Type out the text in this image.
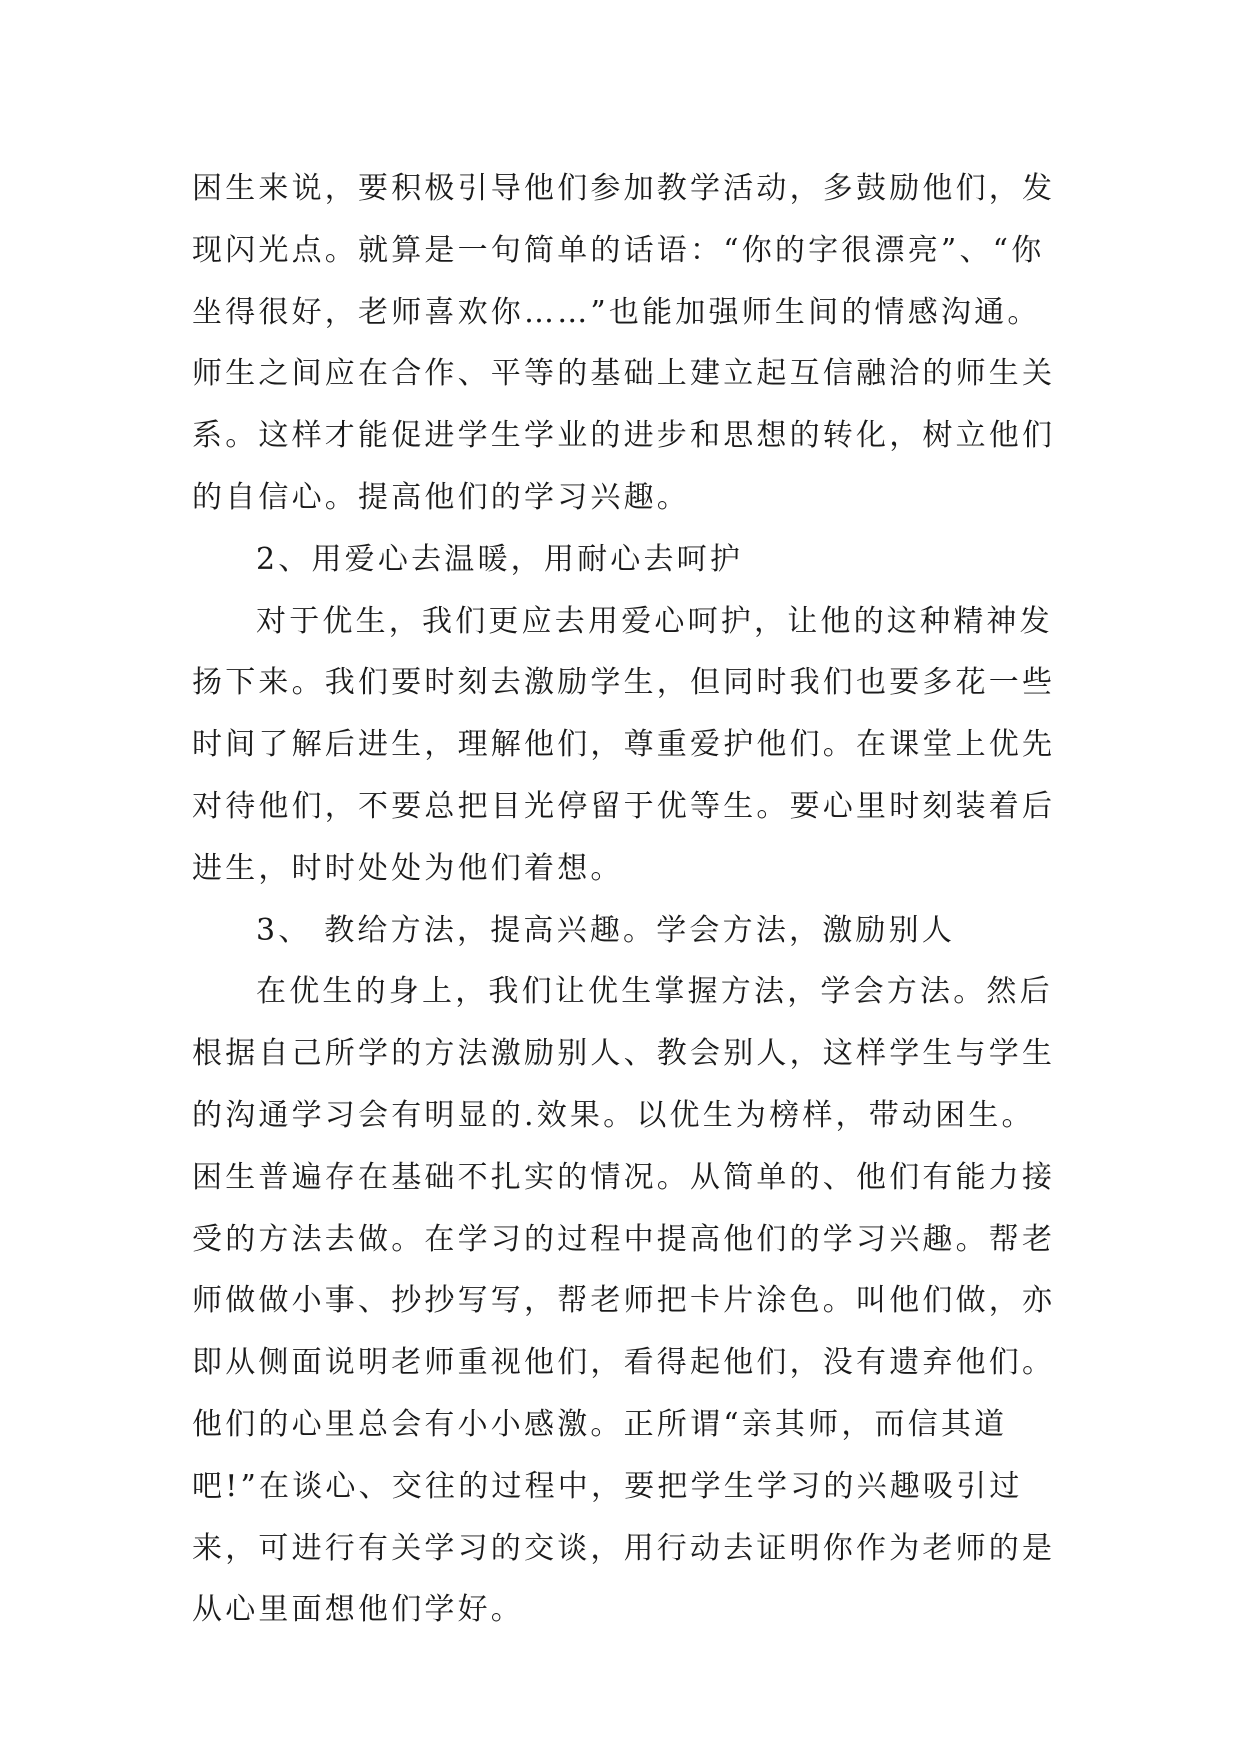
困生来说，要积极引导他们参加教学活动，多鼓励他们，发
现闪光点。就算是一句简单的话语：“你的字很漂亮”、“你
坐得很好，老师喜欢你……”也能加强师生间的情感沟通。
师生之间应在合作、平等的基础上建立起互信融洽的师生关
系。这样才能促进学生学业的进步和思想的转化，树立他们
的自信心。提高他们的学习兴趣。
2、用爱心去温暖，用耐心去呵护
对于优生，我们更应去用爱心呵护，让他的这种精神发
扬下来。我们要时刻去激励学生，但同时我们也要多花一些
时间了解后进生，理解他们，尊重爱护他们。在课堂上优先
对待他们，不要总把目光停留于优等生。要心里时刻装着后
进生，时时处处为他们着想。
3、 教给方法，提高兴趣。学会方法，激励别人
在优生的身上，我们让优生掌握方法，学会方法。然后
根据自己所学的方法激励别人、教会别人，这样学生与学生
的沟通学习会有明显的.效果。以优生为榜样，带动困生。
困生普遍存在基础不扎实的情况。从简单的、他们有能力接
受的方法去做。在学习的过程中提高他们的学习兴趣。帮老
师做做小事、抄抄写写，帮老师把卡片涂色。叫他们做，亦
即从侧面说明老师重视他们，看得起他们，没有遗弃他们。
他们的心里总会有小小感激。正所谓“亲其师，而信其道
吧!”在谈心、交往的过程中，要把学生学习的兴趣吸引过
来，可进行有关学习的交谈，用行动去证明你作为老师的是
从心里面想他们学好。
